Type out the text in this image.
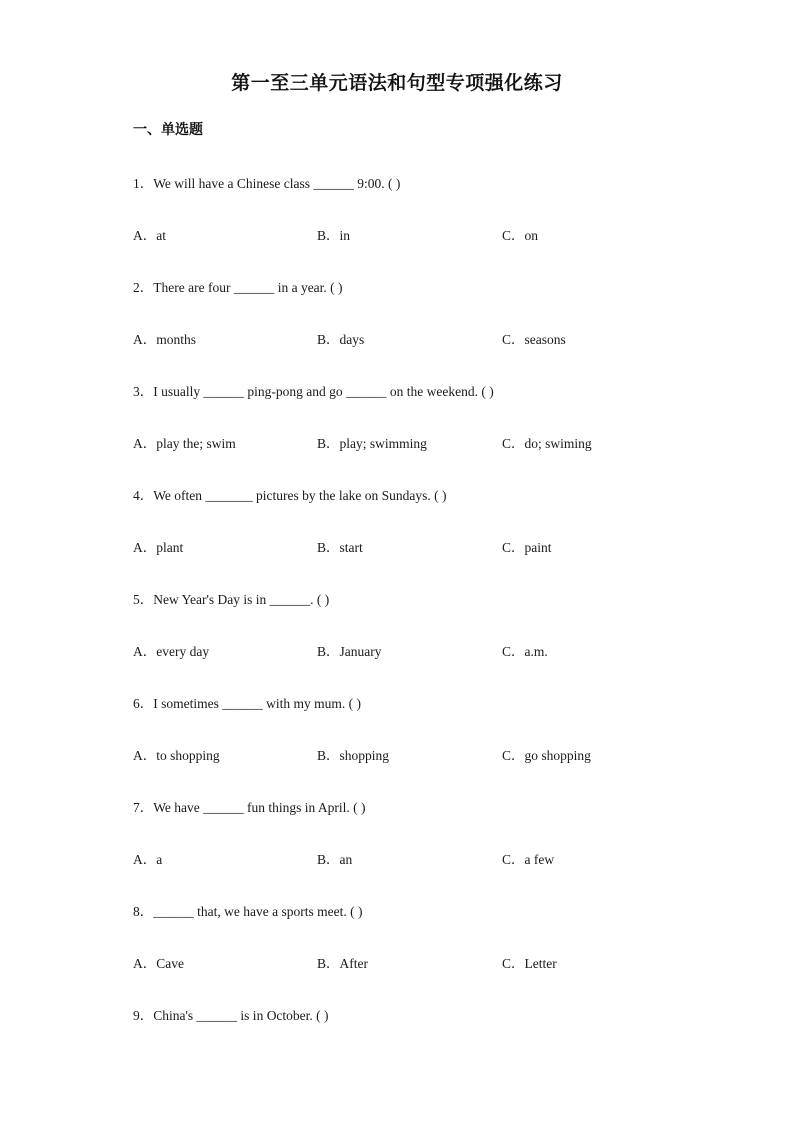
第一至三单元语法和句型专项强化练习
一、单选题
1．We will have a Chinese class ______ 9:00. ( )
A．at	B．in	C．on
2．There are four ______ in a year. ( )
A．months	B．days	C．seasons
3．I usually ______ ping-pong and go ______ on the weekend. ( )
A．play the; swim	B．play; swimming	C．do; swiming
4．We often _______ pictures by the lake on Sundays. ( )
A．plant	B．start	C．paint
5．New Year's Day is in ______. ( )
A．every day	B．January	C．a.m.
6．I sometimes ______ with my mum. ( )
A．to shopping	B．shopping	C．go shopping
7．We have ______ fun things in April. ( )
A．a	B．an	C．a few
8．______ that, we have a sports meet. ( )
A．Cave	B．After	C．Letter
9．China's ______ is in October. ( )
